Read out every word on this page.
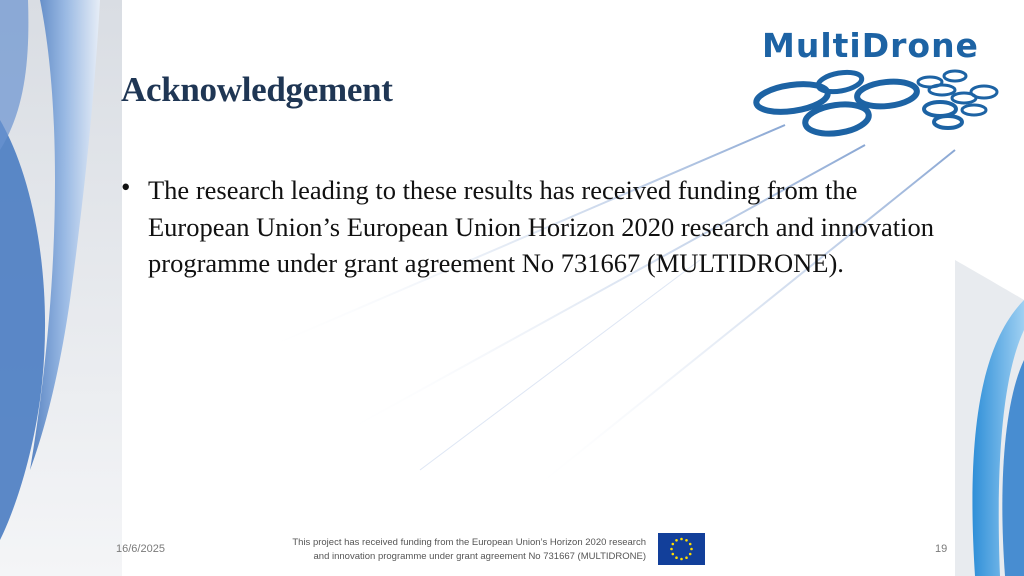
MultiDrone
Acknowledgement
• The research leading to these results has received funding from the European Union’s European Union Horizon 2020 research and innovation programme under grant agreement No 731667 (MULTIDRONE).
16/6/2025
This project has received funding from the European Union’s Horizon 2020 research
and innovation programme under grant agreement No 731667 (MULTIDRONE)
19
